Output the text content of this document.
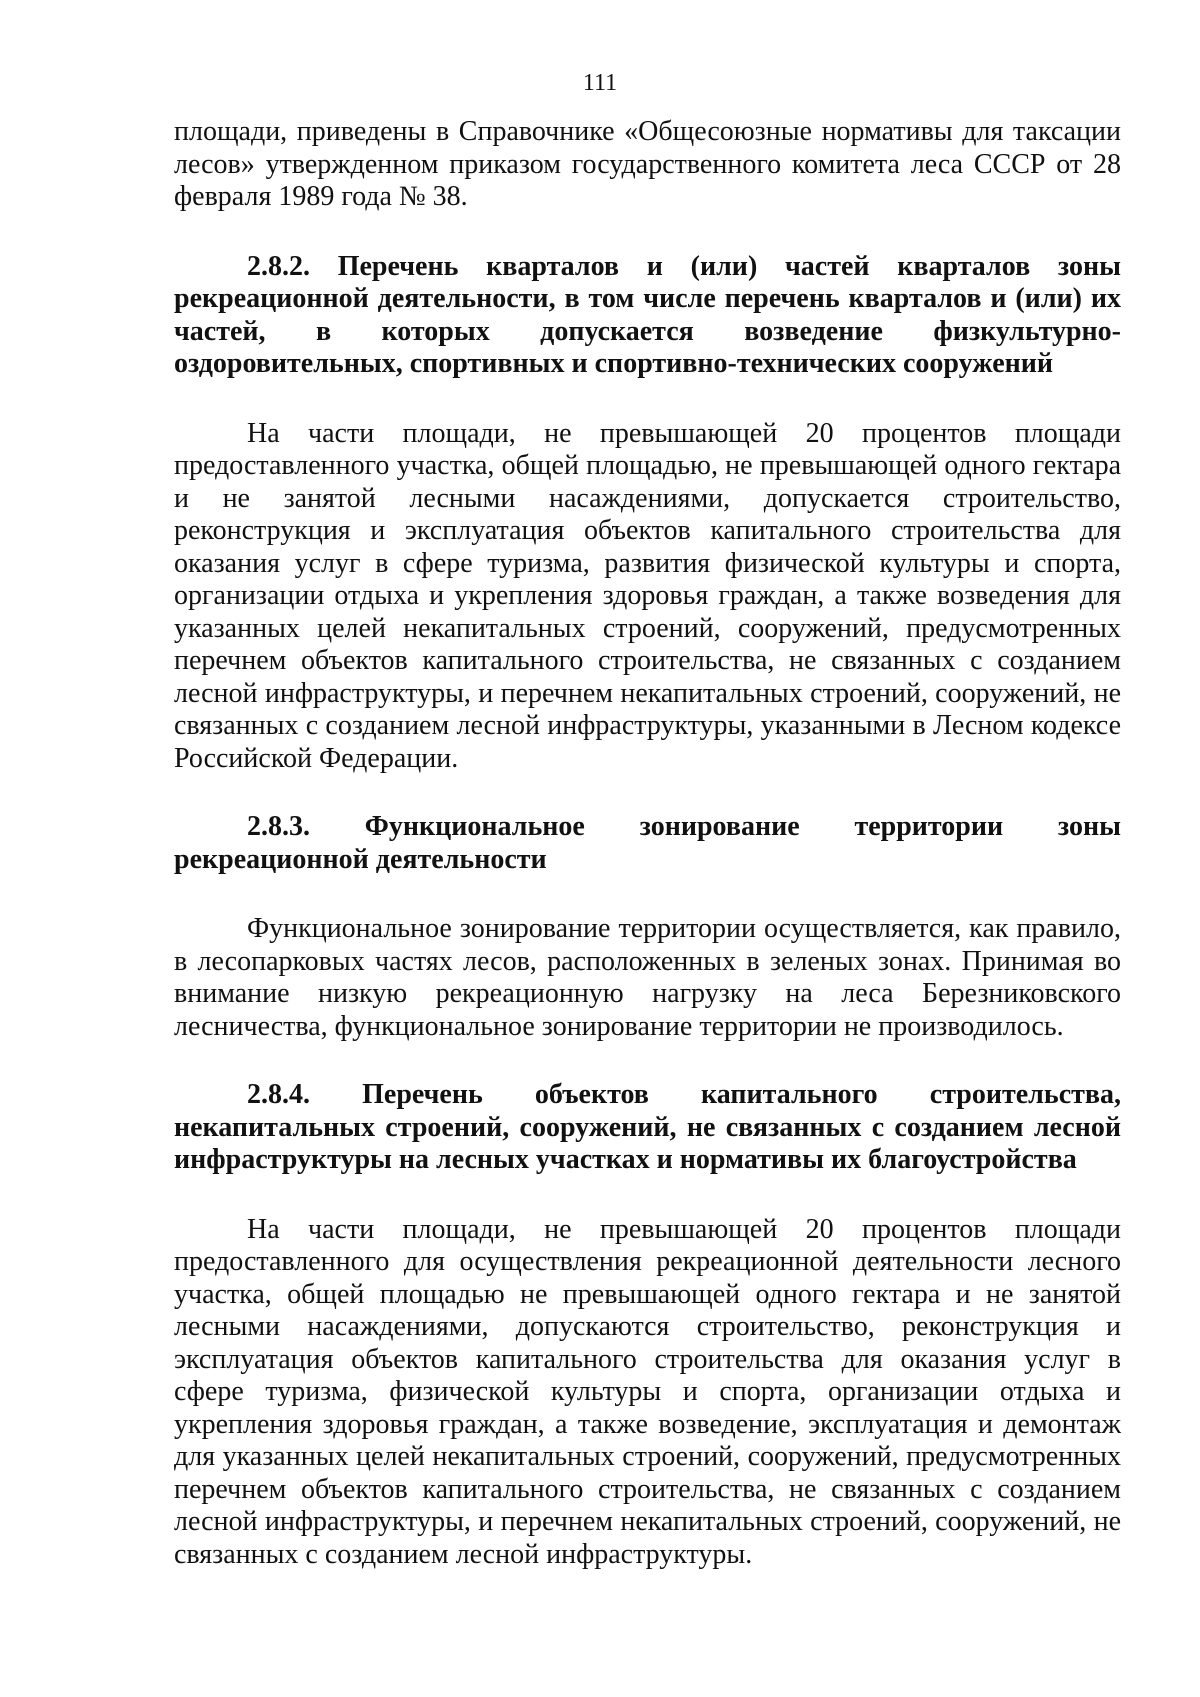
111

площади, приведены в Справочнике «Общесоюзные нормативы для таксации лесов» утвержденном приказом государственного комитета леса СССР от 28 февраля 1989 года № 38.

2.8.2. Перечень кварталов и (или) частей кварталов зоны рекреационной деятельности, в том числе перечень кварталов и (или) их частей, в которых допускается возведение физкультурно-оздоровительных, спортивных и спортивно-технических сооружений

На части площади, не превышающей 20 процентов площади предоставленного участка, общей площадью, не превышающей одного гектара и не занятой лесными насаждениями, допускается строительство, реконструкция и эксплуатация объектов капитального строительства для оказания услуг в сфере туризма, развития физической культуры и спорта, организации отдыха и укрепления здоровья граждан, а также возведения для указанных целей некапитальных строений, сооружений, предусмотренных перечнем объектов капитального строительства, не связанных с созданием лесной инфраструктуры, и перечнем некапитальных строений, сооружений, не связанных с созданием лесной инфраструктуры, указанными в Лесном кодексе Российской Федерации.

2.8.3. Функциональное зонирование территории зоны рекреационной деятельности

Функциональное зонирование территории осуществляется, как правило, в лесопарковых частях лесов, расположенных в зеленых зонах. Принимая во внимание низкую рекреационную нагрузку на леса Березниковского лесничества, функциональное зонирование территории не производилось.

2.8.4. Перечень объектов капитального строительства, некапитальных строений, сооружений, не связанных с созданием лесной инфраструктуры на лесных участках и нормативы их благоустройства

На части площади, не превышающей 20 процентов площади предоставленного для осуществления рекреационной деятельности лесного участка, общей площадью не превышающей одного гектара и не занятой лесными насаждениями, допускаются строительство, реконструкция и эксплуатация объектов капитального строительства для оказания услуг в сфере туризма, физической культуры и спорта, организации отдыха и укрепления здоровья граждан, а также возведение, эксплуатация и демонтаж для указанных целей некапитальных строений, сооружений, предусмотренных перечнем объектов капитального строительства, не связанных с созданием лесной инфраструктуры, и перечнем некапитальных строений, сооружений, не связанных с созданием лесной инфраструктуры.
